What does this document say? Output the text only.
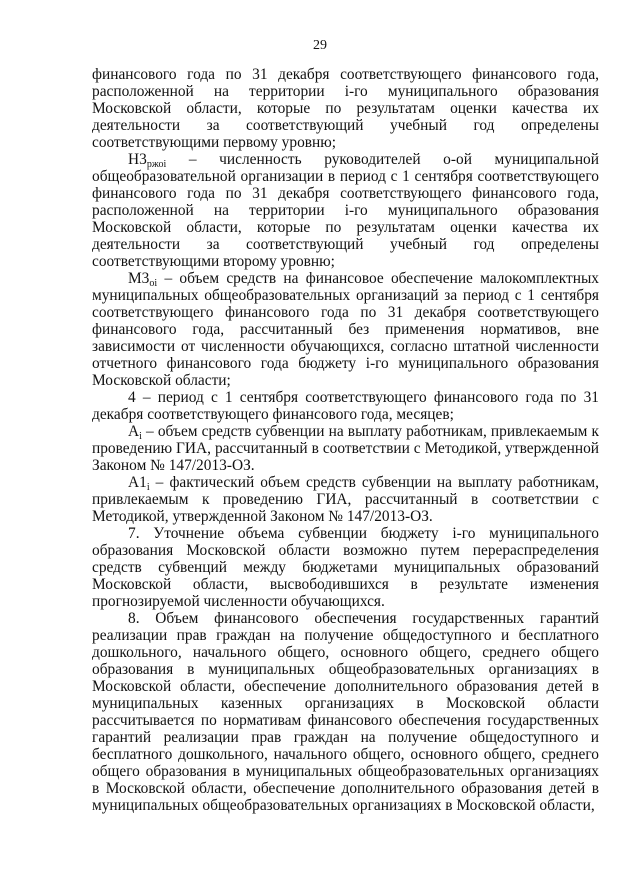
29

финансового года по 31 декабря соответствующего финансового года, расположенной на территории i-го муниципального образования Московской области, которые по результатам оценки качества их деятельности за соответствующий учебный год определены соответствующими первому уровню;

$Н3_{ржоi}$ – численность руководителей о-ой муниципальной общеобразовательной организации в период с 1 сентября соответствующего финансового года по 31 декабря соответствующего финансового года, расположенной на территории i-го муниципального образования Московской области, которые по результатам оценки качества их деятельности за соответствующий учебный год определены соответствующими второму уровню;

$М3_{оi}$ – объем средств на финансовое обеспечение малокомплектных муниципальных общеобразовательных организаций за период с 1 сентября соответствующего финансового года по 31 декабря соответствующего финансового года, рассчитанный без применения нормативов, вне зависимости от численности обучающихся, согласно штатной численности отчетного финансового года бюджету i-го муниципального образования Московской области;

4 – период с 1 сентября соответствующего финансового года по 31 декабря соответствующего финансового года, месяцев;

$А_i$ – объем средств субвенции на выплату работникам, привлекаемым к проведению ГИА, рассчитанный в соответствии с Методикой, утвержденной Законом № 147/2013-ОЗ.

$А1_i$ – фактический объем средств субвенции на выплату работникам, привлекаемым к проведению ГИА, рассчитанный в соответствии с Методикой, утвержденной Законом № 147/2013-ОЗ.

7. Уточнение объема субвенции бюджету i-го муниципального образования Московской области возможно путем перераспределения средств субвенций между бюджетами муниципальных образований Московской области, высвободившихся в результате изменения прогнозируемой численности обучающихся.

8. Объем финансового обеспечения государственных гарантий реализации прав граждан на получение общедоступного и бесплатного дошкольного, начального общего, основного общего, среднего общего образования в муниципальных общеобразовательных организациях в Московской области, обеспечение дополнительного образования детей в муниципальных казенных организациях в Московской области рассчитывается по нормативам финансового обеспечения государственных гарантий реализации прав граждан на получение общедоступного и бесплатного дошкольного, начального общего, основного общего, среднего общего образования в муниципальных общеобразовательных организациях в Московской области, обеспечение дополнительного образования детей в муниципальных общеобразовательных организациях в Московской области,
